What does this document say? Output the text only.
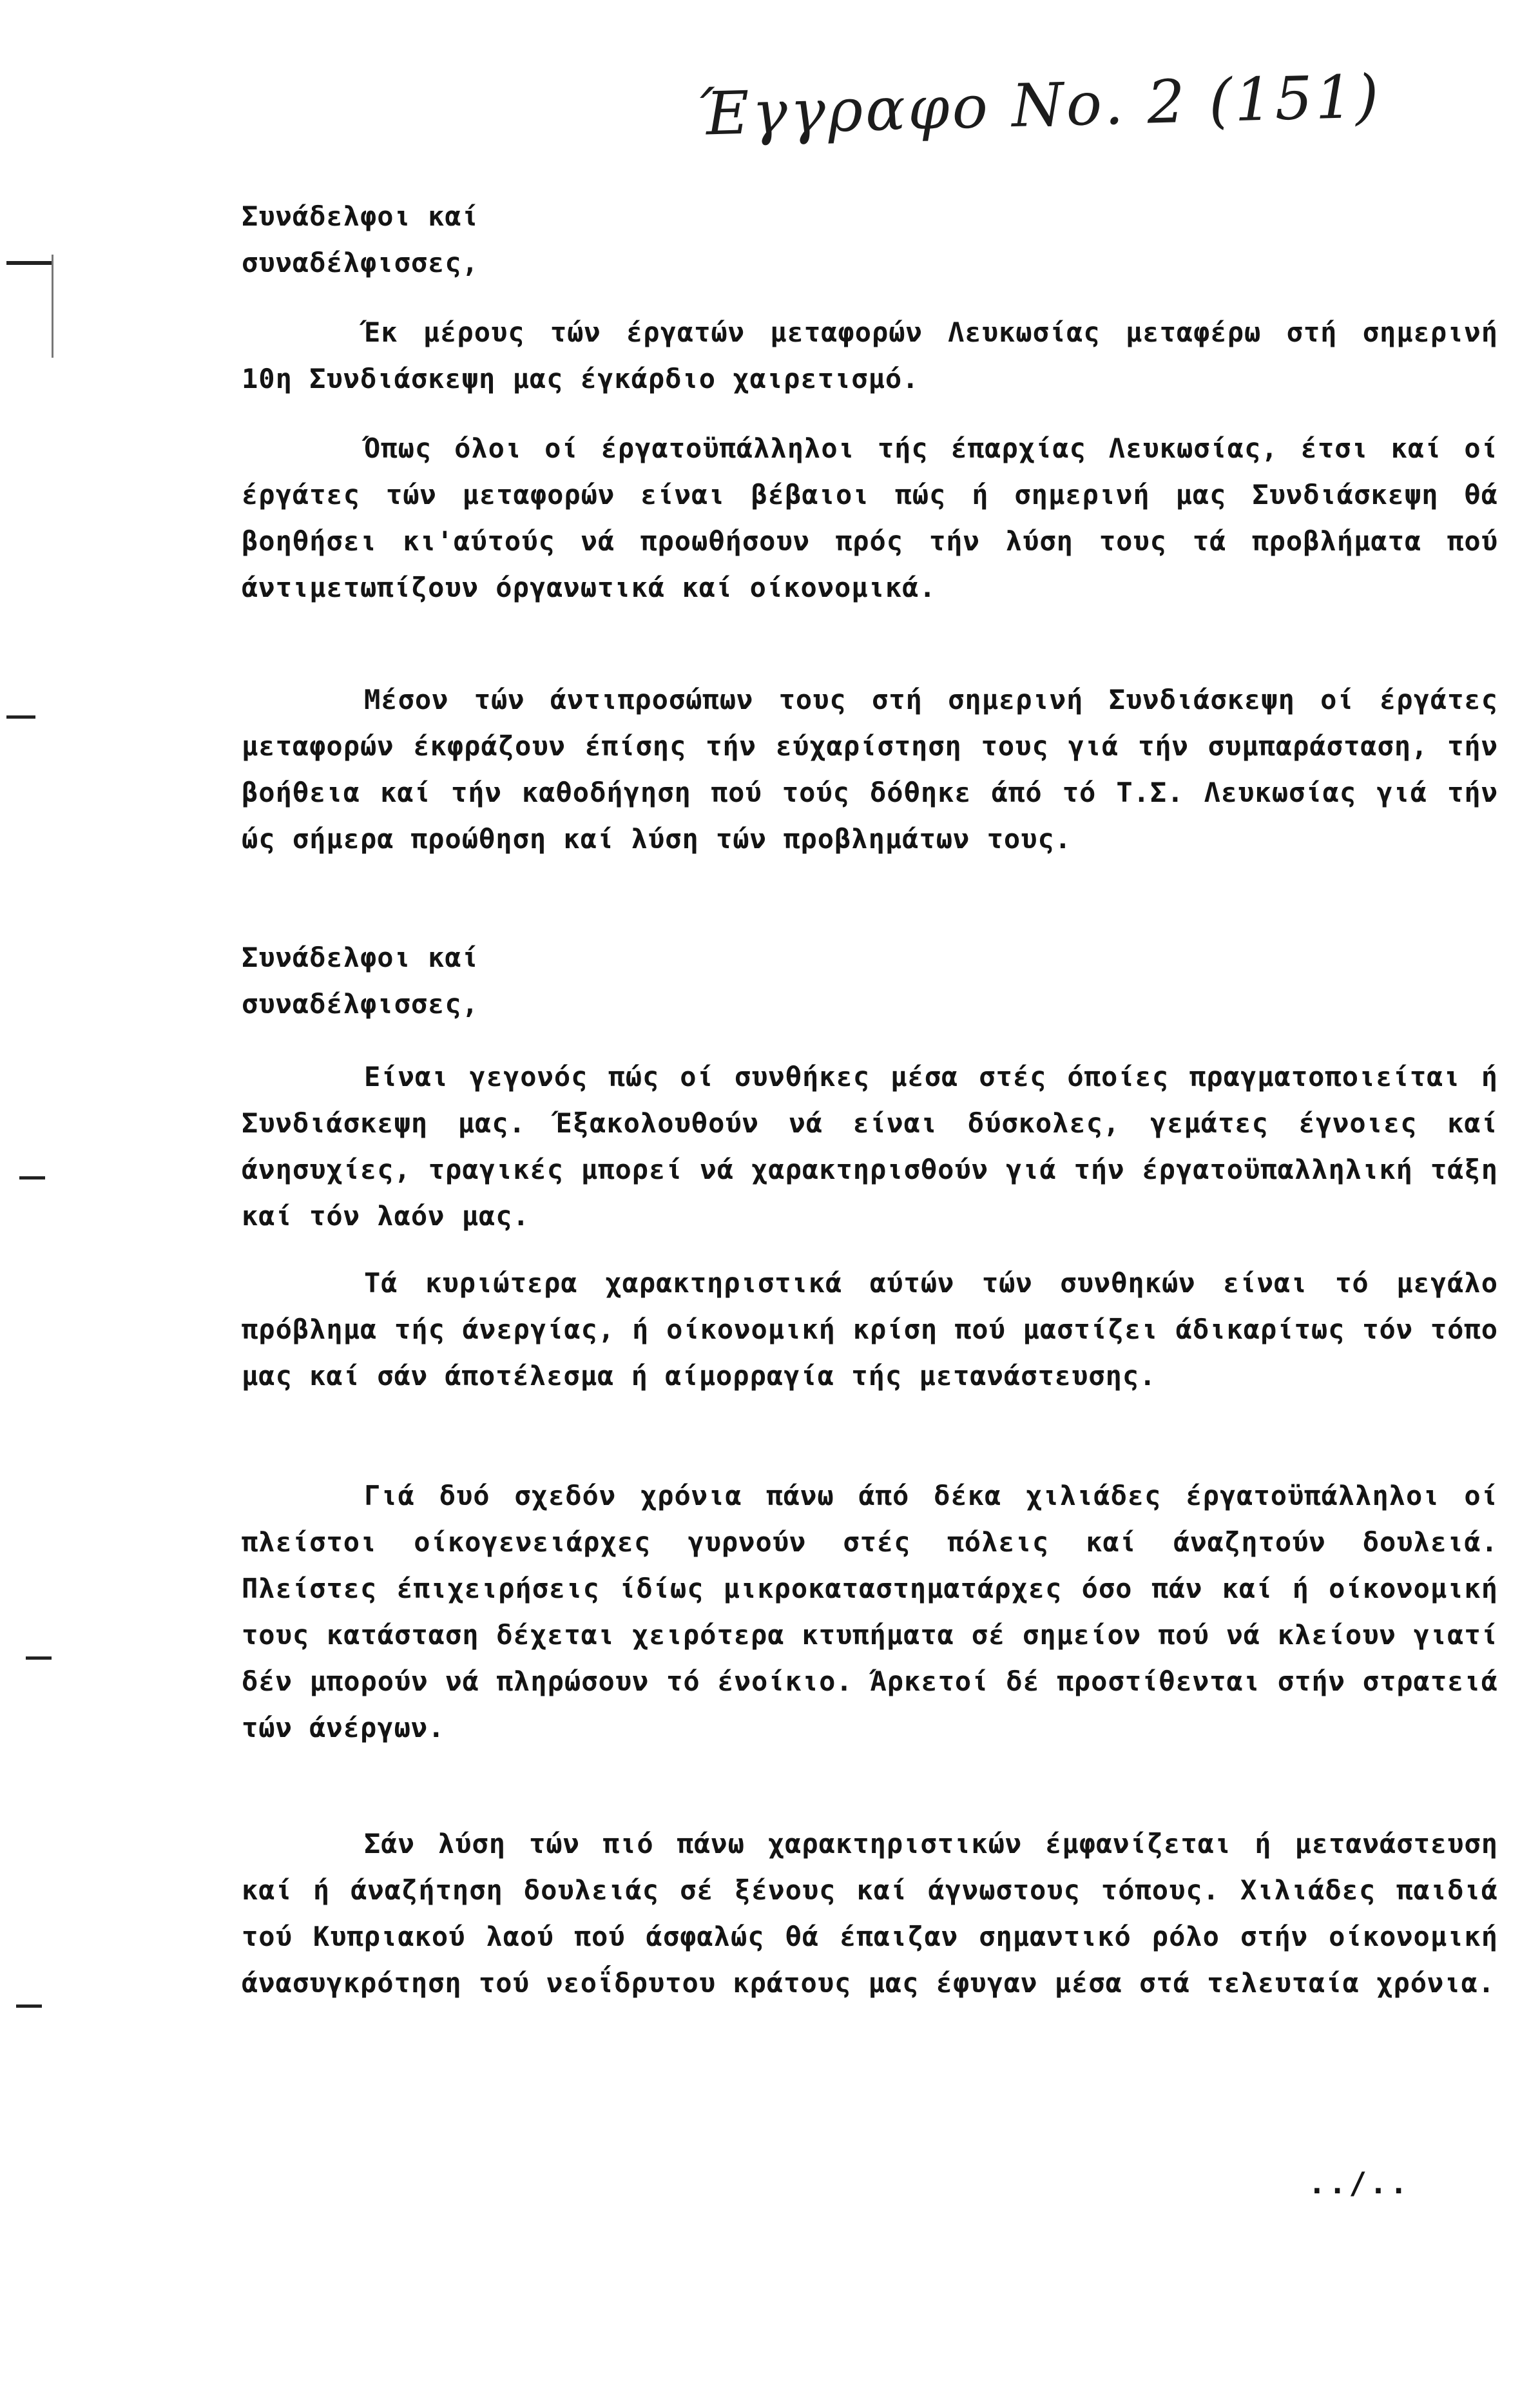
Έγγραφο Νο. 2 (151)
Συνάδελφοι καί
συναδέλφισσες,
Έκ μέρους τών έργατών μεταφορών Λευκωσίας μεταφέρω στή σημερινή 10η Συνδιάσκεψη μας έγκάρδιο χαιρετισμό.
Όπως όλοι οί έργατοϋπάλληλοι τής έπαρχίας Λευκωσίας, έτσι καί οί έργάτες τών μεταφορών είναι βέβαιοι πώς ή σημερινή μας Συνδιάσκεψη θά βοηθήσει κι'αύτούς νά προωθήσουν πρός τήν λύση τους τά προβλήματα πού άντιμετωπίζουν όργανωτικά καί οίκονομικά.
Μέσον τών άντιπροσώπων τους στή σημερινή Συνδιάσκεψη οί έργάτες μεταφορών έκφράζουν έπίσης τήν εύχαρίστηση τους γιά τήν συμπαράσταση, τήν βοήθεια καί τήν καθοδήγηση πού τούς δόθηκε άπό τό Τ.Σ. Λευκωσίας γιά τήν ώς σήμερα προώθηση καί λύση τών προβλημάτων τους.
Συνάδελφοι καί
συναδέλφισσες,
Είναι γεγονός πώς οί συνθήκες μέσα στές όποίες πραγματοποιείται ή Συνδιάσκεψη μας. Έξακολουθούν νά είναι δύσκολες, γεμάτες έγνοιες καί άνησυχίες, τραγικές μπορεί νά χαρακτηρισθούν γιά τήν έργατοϋπαλληλική τάξη καί τόν λαόν μας.
Τά κυριώτερα χαρακτηριστικά αύτών τών συνθηκών είναι τό μεγάλο πρόβλημα τής άνεργίας, ή οίκονομική κρίση πού μαστίζει άδικαρίτως τόν τόπο μας καί σάν άποτέλεσμα ή αίμορραγία τής μετανάστευσης.
Γιά δυό σχεδόν χρόνια πάνω άπό δέκα χιλιάδες έργατοϋπάλληλοι οί πλείστοι οίκογενειάρχες γυρνούν στές πόλεις καί άναζητούν δουλειά. Πλείστες έπιχειρήσεις ίδίως μικροκαταστηματάρχες όσο πάν καί ή οίκονομική τους κατάσταση δέχεται χειρότερα κτυπήματα σέ σημείον πού νά κλείουν γιατί δέν μπορούν νά πληρώσουν τό ένοίκιο. Άρκετοί δέ προστίθενται στήν στρατειά τών άνέργων.
Σάν λύση τών πιό πάνω χαρακτηριστικών έμφανίζεται ή μετανάστευση καί ή άναζήτηση δουλειάς σέ ξένους καί άγνωστους τόπους. Χιλιάδες παιδιά τού Κυπριακού λαού πού άσφαλώς θά έπαιζαν σημαντικό ρόλο στήν οίκονομική άνασυγκρότηση τού νεοΐδρυτου κράτους μας έφυγαν μέσα στά τελευταία χρόνια.
../..
